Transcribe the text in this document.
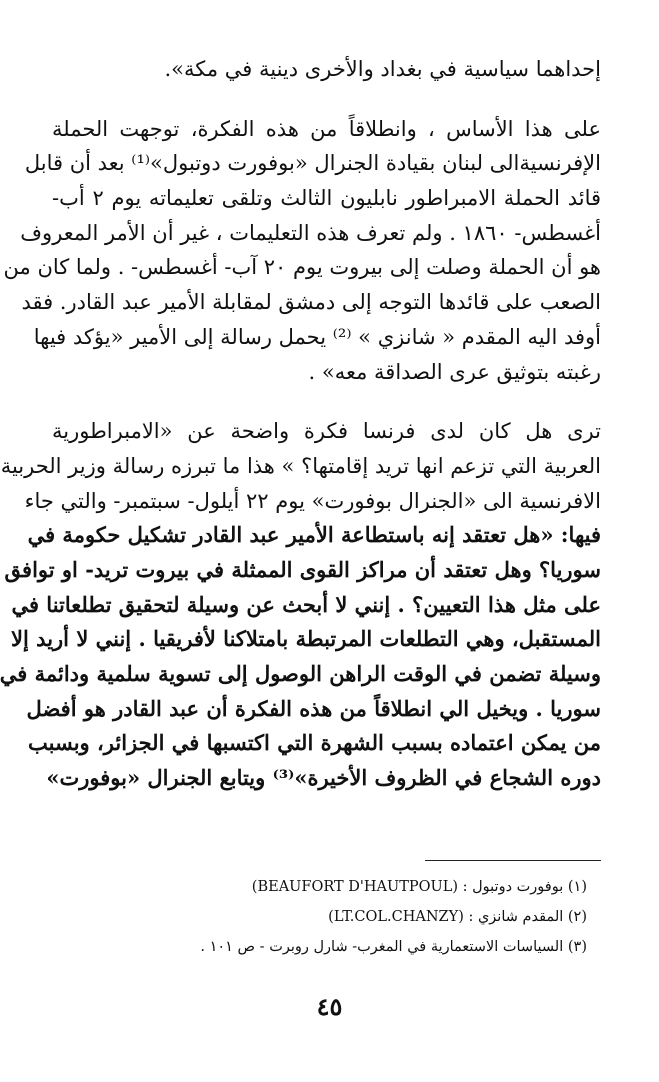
إحداهما سياسية في بغداد والأخرى دينية في مكة».
على هذا الأساس ، وانطلاقاً من هذه الفكرة، توجهت الحملة
الإفرنسيةالى لبنان بقيادة الجنرال «بوفورت دوتبول»⁽¹⁾ بعد أن قابل
قائد الحملة الامبراطور نابليون الثالث وتلقى تعليماته يوم ٢ أب-
أغسطس- ١٨٦٠ . ولم تعرف هذه التعليمات ، غير أن الأمر المعروف
هو أن الحملة وصلت إلى بيروت يوم ٢٠ آب- أغسطس- . ولما كان من
الصعب على قائدها التوجه إلى دمشق لمقابلة الأمير عبد القادر. فقد
أوفد اليه المقدم « شانزي » ⁽²⁾ يحمل رسالة إلى الأمير «يؤكد فيها
رغبته بتوثيق عرى الصداقة معه» .
ترى هل كان لدى فرنسا فكرة واضحة عن «الامبراطورية
العربية التي تزعم انها تريد إقامتها؟ » هذا ما تبرزه رسالة وزير الحربية
الافرنسية الى «الجنرال بوفورت» يوم ٢٢ أيلول- سبتمبر- والتي جاء
فيها: «هل تعتقد إنه باستطاعة الأمير عبد القادر تشكيل حكومة في
سوريا؟ وهل تعتقد أن مراكز القوى الممثلة في بيروت تريد- او توافق
على مثل هذا التعيين؟ . إنني لا أبحث عن وسيلة لتحقيق تطلعاتنا في
المستقبل، وهي التطلعات المرتبطة بامتلاكنا لأفريقيا . إنني لا أريد إلا
وسيلة تضمن في الوقت الراهن الوصول إلى تسوية سلمية ودائمة في
سوريا . ويخيل الي انطلاقاً من هذه الفكرة أن عبد القادر هو أفضل
من يمكن اعتماده بسبب الشهرة التي اكتسبها في الجزائر، وبسبب
دوره الشجاع في الظروف الأخيرة»⁽³⁾ ويتابع الجنرال «بوفورت»
(١) بوفورت دوتبول : (BEAUFORT D'HAUTPOUL)
(٢) المقدم شانزي : (LT.COL.CHANZY)
(٣) السياسات الاستعمارية في المغرب- شارل روبرت - ص ١٠١ .
٤٥
